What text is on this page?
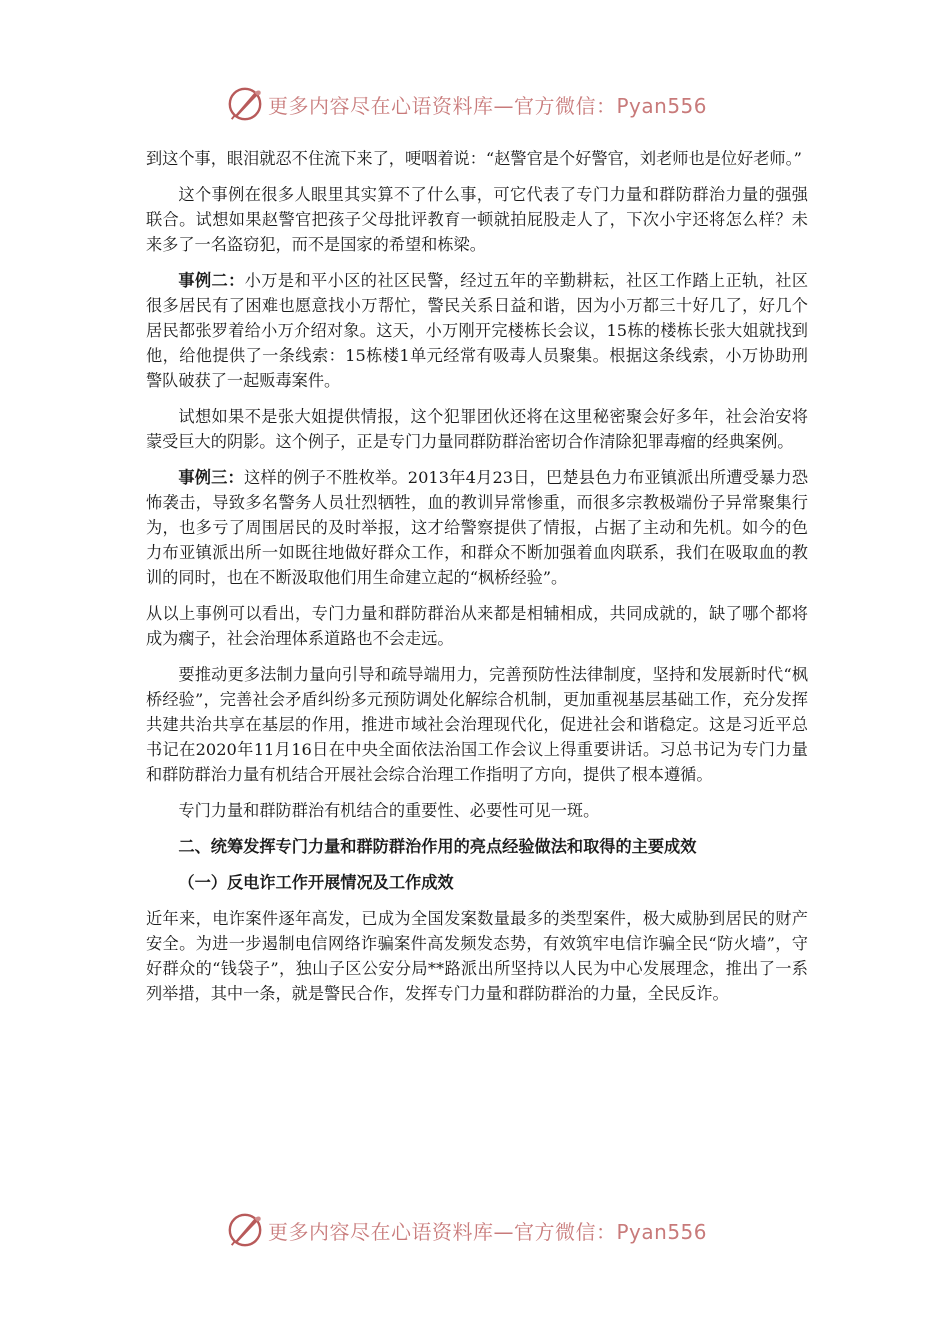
更多内容尽在心语资料库—官方微信：Pyan556

到这个事，眼泪就忍不住流下来了，哽咽着说：“赵警官是个好警官，刘老师也是位好老师。”

这个事例在很多人眼里其实算不了什么事，可它代表了专门力量和群防群治力量的强强联合。试想如果赵警官把孩子父母批评教育一顿就拍屁股走人了，下次小宇还将怎么样？未来多了一名盗窃犯，而不是国家的希望和栋梁。

事例二：小万是和平小区的社区民警，经过五年的辛勤耕耘，社区工作踏上正轨，社区很多居民有了困难也愿意找小万帮忙，警民关系日益和谐，因为小万都三十好几了，好几个居民都张罗着给小万介绍对象。这天，小万刚开完楼栋长会议，15栋的楼栋长张大姐就找到他，给他提供了一条线索：15栋楼1单元经常有吸毒人员聚集。根据这条线索，小万协助刑警队破获了一起贩毒案件。

试想如果不是张大姐提供情报，这个犯罪团伙还将在这里秘密聚会好多年，社会治安将蒙受巨大的阴影。这个例子，正是专门力量同群防群治密切合作清除犯罪毒瘤的经典案例。

事例三：这样的例子不胜枚举。2013年4月23日，巴楚县色力布亚镇派出所遭受暴力恐怖袭击，导致多名警务人员壮烈牺牲，血的教训异常惨重，而很多宗教极端份子异常聚集行为，也多亏了周围居民的及时举报，这才给警察提供了情报，占据了主动和先机。如今的色力布亚镇派出所一如既往地做好群众工作，和群众不断加强着血肉联系，我们在吸取血的教训的同时，也在不断汲取他们用生命建立起的“枫桥经验”。

从以上事例可以看出，专门力量和群防群治从来都是相辅相成，共同成就的，缺了哪个都将成为瘸子，社会治理体系道路也不会走远。

要推动更多法制力量向引导和疏导端用力，完善预防性法律制度，坚持和发展新时代“枫桥经验”，完善社会矛盾纠纷多元预防调处化解综合机制，更加重视基层基础工作，充分发挥共建共治共享在基层的作用，推进市域社会治理现代化，促进社会和谐稳定。这是习近平总书记在2020年11月16日在中央全面依法治国工作会议上得重要讲话。习总书记为专门力量和群防群治力量有机结合开展社会综合治理工作指明了方向，提供了根本遵循。

专门力量和群防群治有机结合的重要性、必要性可见一斑。

二、统筹发挥专门力量和群防群治作用的亮点经验做法和取得的主要成效

（一）反电诈工作开展情况及工作成效

近年来，电诈案件逐年高发，已成为全国发案数量最多的类型案件，极大威胁到居民的财产安全。为进一步遏制电信网络诈骗案件高发频发态势，有效筑牢电信诈骗全民“防火墙”，守好群众的“钱袋子”，独山子区公安分局**路派出所坚持以人民为中心发展理念，推出了一系列举措，其中一条，就是警民合作，发挥专门力量和群防群治的力量，全民反诈。

更多内容尽在心语资料库—官方微信：Pyan556
